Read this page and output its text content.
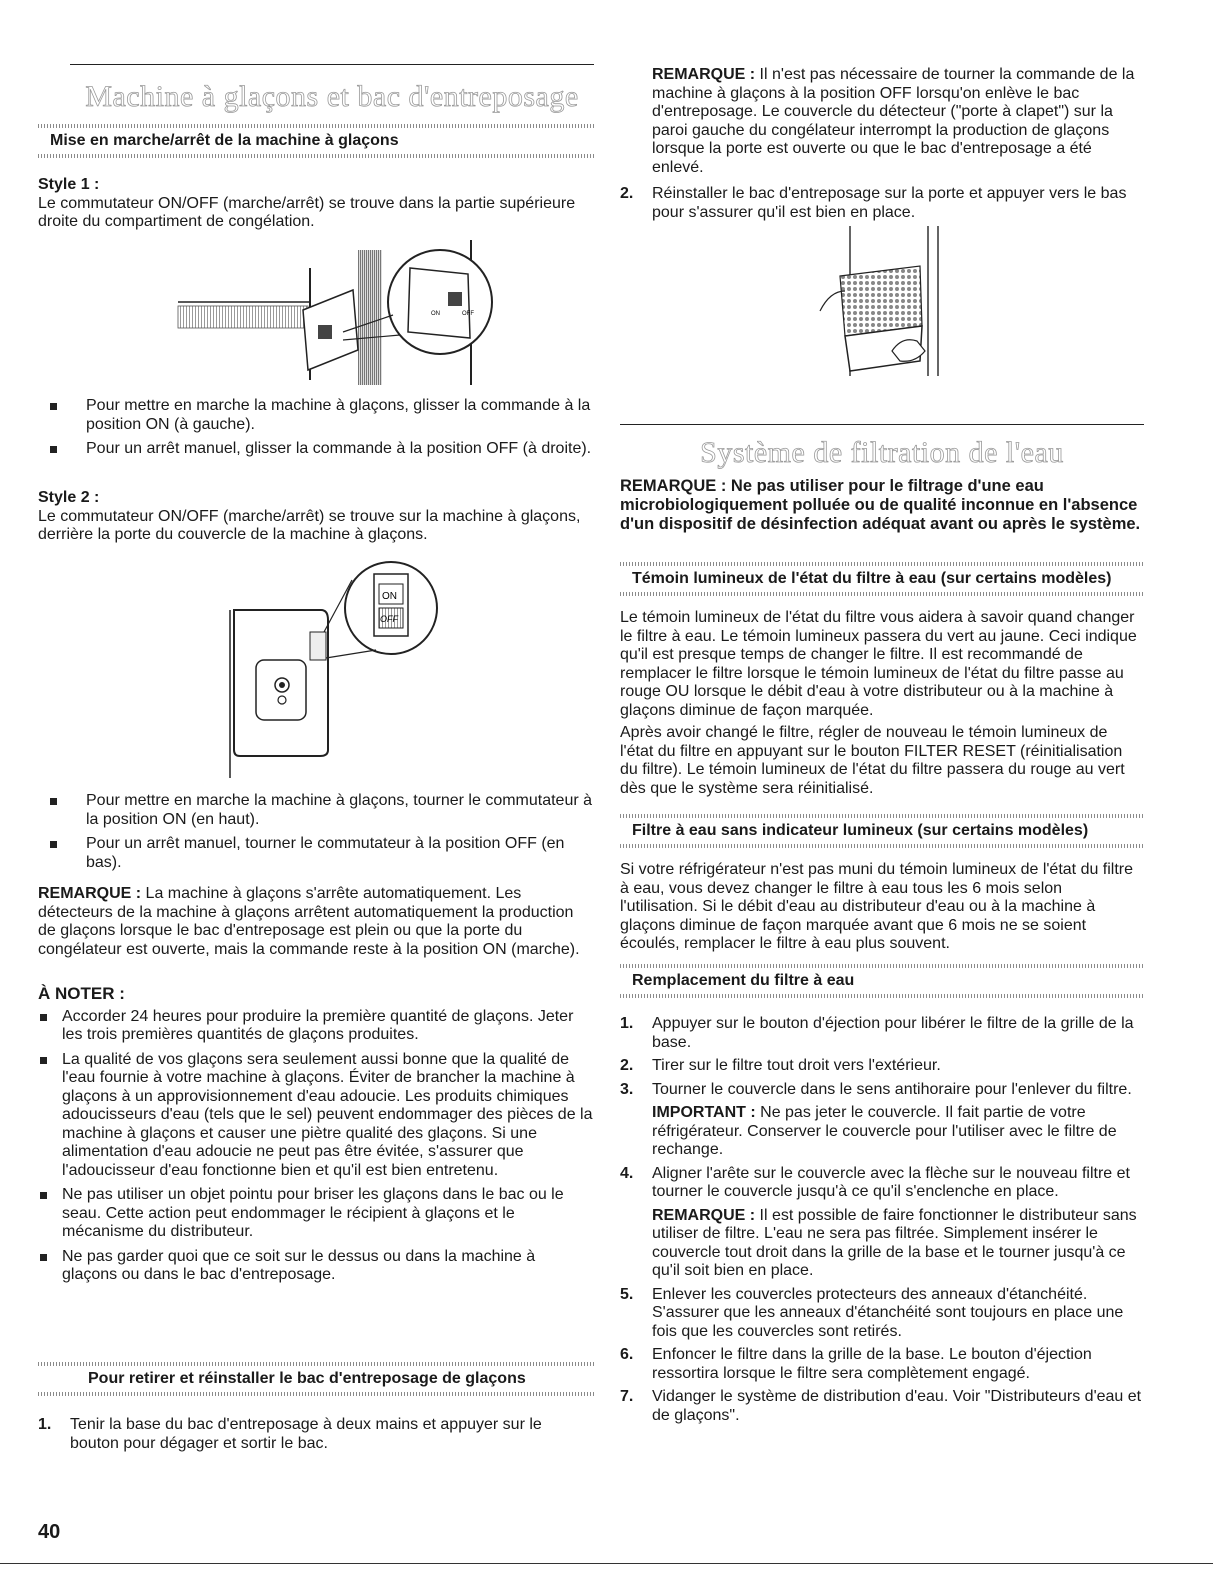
Machine à glaçons et bac d'entreposage
Mise en marche/arrêt de la machine à glaçons

Style 1 :

Le commutateur ON/OFF (marche/arrêt) se trouve dans la partie supérieure droite du compartiment de congélation.

ON	OFF
Pour mettre en marche la machine à glaçons, glisser la commande à la position ON (à gauche).
Pour un arrêt manuel, glisser la commande à la position OFF (à droite).

Style 2 :

Le commutateur ON/OFF (marche/arrêt) se trouve sur la machine à glaçons, derrière la porte du couvercle de la machine à glaçons.

ON
OFF
Pour mettre en marche la machine à glaçons, tourner le commutateur à la position ON (en haut).
Pour un arrêt manuel, tourner le commutateur à la position OFF (en bas).

REMARQUE : La machine à glaçons s'arrête automatiquement. Les détecteurs de la machine à glaçons arrêtent automatiquement la production de glaçons lorsque le bac d'entreposage est plein ou que la porte du congélateur est ouverte, mais la commande reste à la position ON (marche).

À NOTER :

Accorder 24 heures pour produire la première quantité de glaçons. Jeter les trois premières quantités de glaçons produites.
La qualité de vos glaçons sera seulement aussi bonne que la qualité de l'eau fournie à votre machine à glaçons. Éviter de brancher la machine à glaçons à un approvisionnement d'eau adoucie. Les produits chimiques adoucisseurs d'eau (tels que le sel) peuvent endommager des pièces de la machine à glaçons et causer une piètre qualité des glaçons. Si une alimentation d'eau adoucie ne peut pas être évitée, s'assurer que l'adoucisseur d'eau fonctionne bien et qu'il est bien entretenu.
Ne pas utiliser un objet pointu pour briser les glaçons dans le bac ou le seau. Cette action peut endommager le récipient à glaçons et le mécanisme du distributeur.
Ne pas garder quoi que ce soit sur le dessus ou dans la machine à glaçons ou dans le bac d'entreposage.
Pour retirer et réinstaller le bac d'entreposage de glaçons
1. Tenir la base du bac d'entreposage à deux mains et appuyer sur le bouton pour dégager et sortir le bac.

REMARQUE : Il n'est pas nécessaire de tourner la commande de la machine à glaçons à la position OFF lorsqu'on enlève le bac d'entreposage. Le couvercle du détecteur ("porte à clapet") sur la paroi gauche du congélateur interrompt la production de glaçons lorsque la porte est ouverte ou que le bac d'entreposage a été enlevé.

2. Réinstaller le bac d'entreposage sur la porte et appuyer vers le bas pour s'assurer qu'il est bien en place.
Système de filtration de l'eau

REMARQUE : Ne pas utiliser pour le filtrage d'une eau microbiologiquement polluée ou de qualité inconnue en l'absence d'un dispositif de désinfection adéquat avant ou après le système.

Témoin lumineux de l'état du filtre à eau (sur certains modèles)

Le témoin lumineux de l'état du filtre vous aidera à savoir quand changer le filtre à eau. Le témoin lumineux passera du vert au jaune. Ceci indique qu'il est presque temps de changer le filtre. Il est recommandé de remplacer le filtre lorsque le témoin lumineux de l'état du filtre passe au rouge OU lorsque le débit d'eau à votre distributeur ou à la machine à glaçons diminue de façon marquée.

Après avoir changé le filtre, régler de nouveau le témoin lumineux de l'état du filtre en appuyant sur le bouton FILTER RESET (réinitialisation du filtre). Le témoin lumineux de l'état du filtre passera du rouge au vert dès que le système sera réinitialisé.

Filtre à eau sans indicateur lumineux (sur certains modèles)

Si votre réfrigérateur n'est pas muni du témoin lumineux de l'état du filtre à eau, vous devez changer le filtre à eau tous les 6 mois selon l'utilisation. Si le débit d'eau au distributeur d'eau ou à la machine à glaçons diminue de façon marquée avant que 6 mois ne se soient écoulés, remplacer le filtre à eau plus souvent.

Remplacement du filtre à eau
1. Appuyer sur le bouton d'éjection pour libérer le filtre de la grille de la base.
2. Tirer sur le filtre tout droit vers l'extérieur.
3. Tourner le couvercle dans le sens antihoraire pour l'enlever du filtre.

IMPORTANT : Ne pas jeter le couvercle. Il fait partie de votre réfrigérateur. Conserver le couvercle pour l'utiliser avec le filtre de rechange.

4. Aligner l'arête sur le couvercle avec la flèche sur le nouveau filtre et tourner le couvercle jusqu'à ce qu'il s'enclenche en place.

REMARQUE : Il est possible de faire fonctionner le distributeur sans utiliser de filtre. L'eau ne sera pas filtrée. Simplement insérer le couvercle tout droit dans la grille de la base et le tourner jusqu'à ce qu'il soit bien en place.

5. Enlever les couvercles protecteurs des anneaux d'étanchéité. S'assurer que les anneaux d'étanchéité sont toujours en place une fois que les couvercles sont retirés.
6. Enfoncer le filtre dans la grille de la base. Le bouton d'éjection ressortira lorsque le filtre sera complètement engagé.
7. Vidanger le système de distribution d'eau. Voir "Distributeurs d'eau et de glaçons".
40
